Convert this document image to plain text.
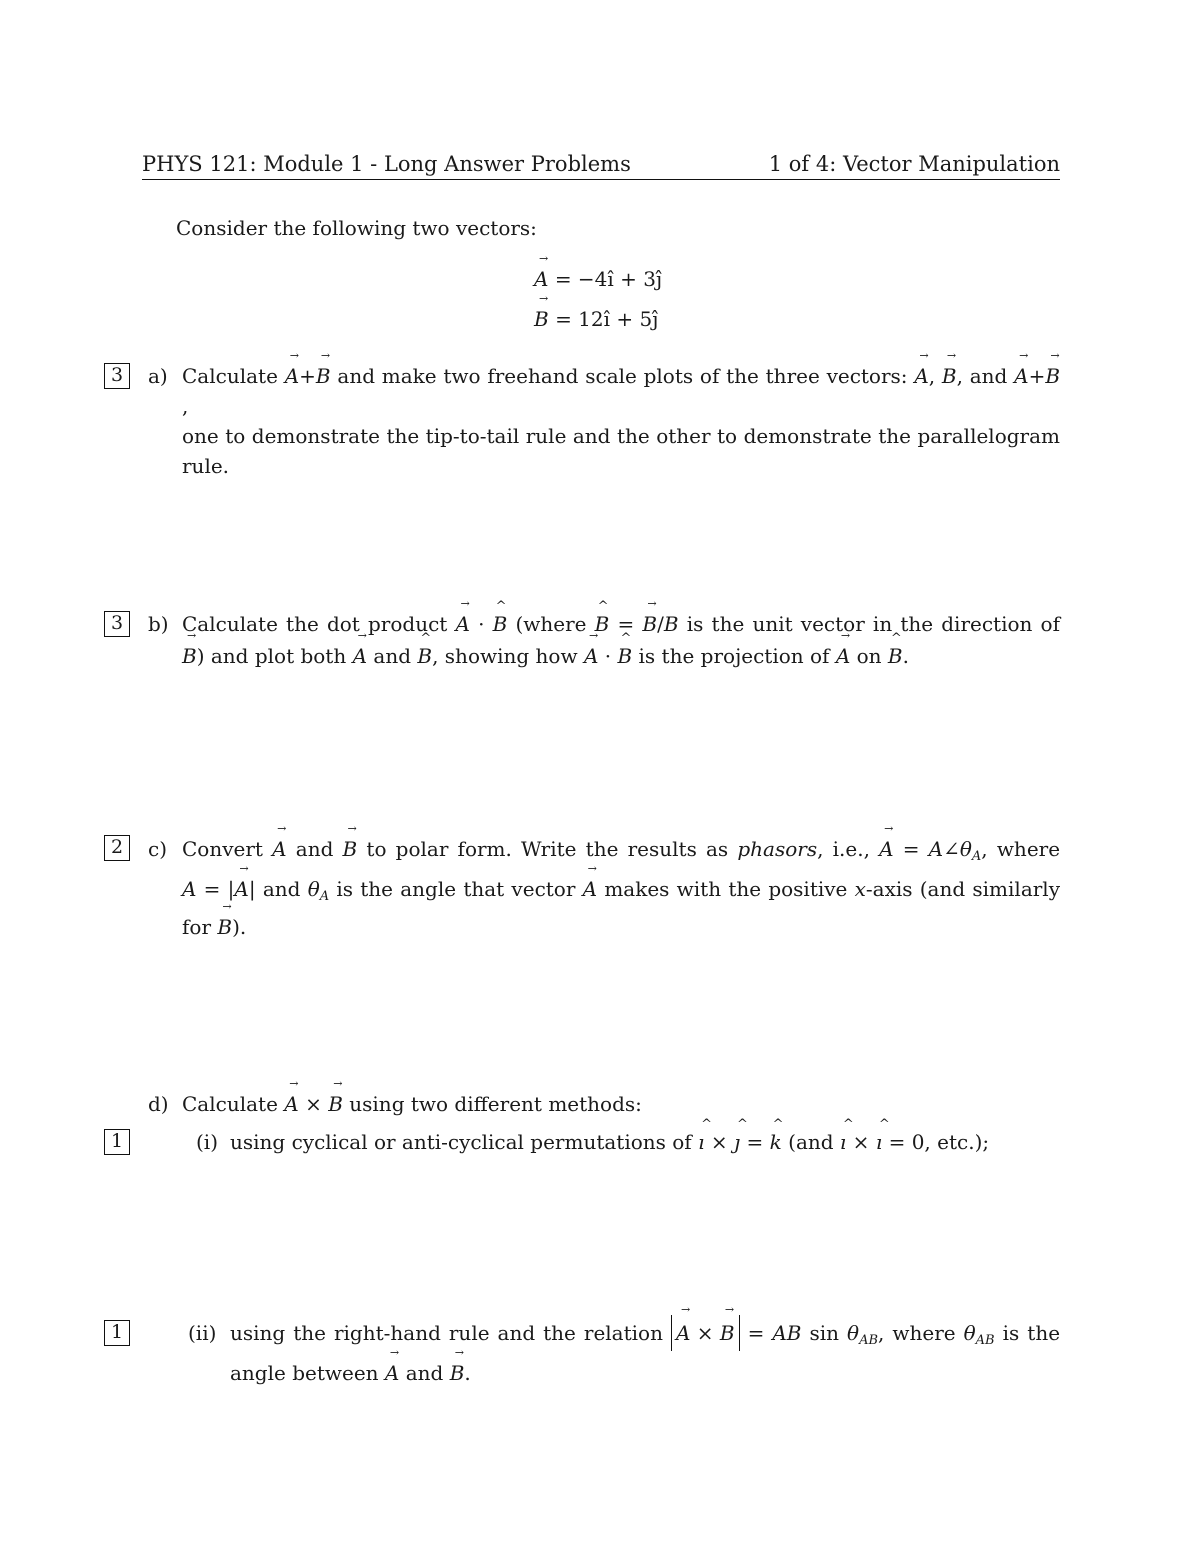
PHYS 121: Module 1 - Long Answer Problems	1 of 4: Vector Manipulation
Consider the following two vectors:
A → = −4î + 3ĵ
B → = 12î + 5ĵ
3	a) Calculate A →+B → and make two freehand scale plots of the three vectors: A →, B →, and A →+B →,
one to demonstrate the tip-to-tail rule and the other to demonstrate the parallelogram
rule.
3	b) Calculate the dot product A → · B ^ (where B ^ = B →/B is the unit vector in the direction of
B →) and plot both A → and B ^, showing how A → · B ^ is the projection of A → on B ^.
2	c) Convert A → and B → to polar form. Write the results as phasors, i.e., A → = $A\angle\theta_A$, where
A = |A →| and $\theta_A$ is the angle that vector A → makes with the positive x-axis (and similarly
for B →).
d) Calculate A → × B → using two different methods:
1	(i) using cyclical or anti-cyclical permutations of ı ^ × ȷ ^ = k ^ (and ı ^ × ı ^ = 0, etc.);
1	(ii) using the right-hand rule and the relation A → × B → = AB $\sin \theta_{AB}$, where $\theta_{AB}$ is the
angle between A → and B →.
